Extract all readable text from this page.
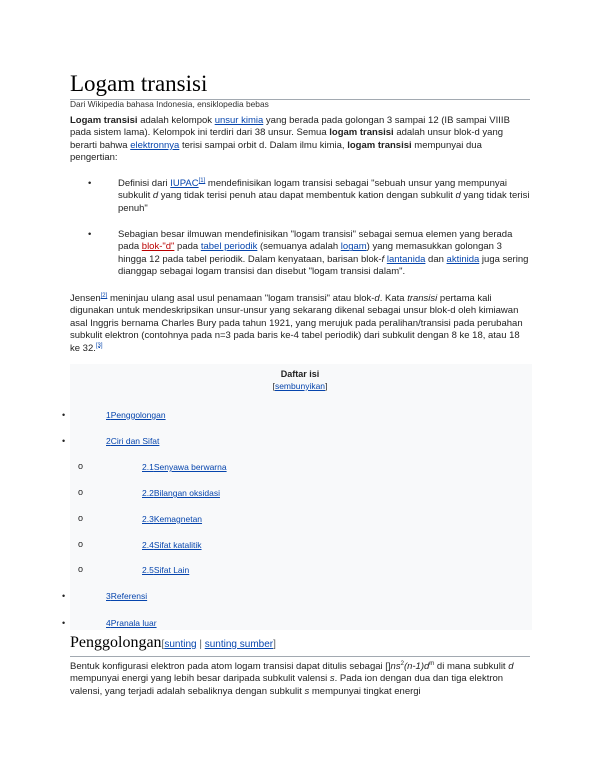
Logam transisi
Dari Wikipedia bahasa Indonesia, ensiklopedia bebas

Logam transisi adalah kelompok unsur kimia yang berada pada golongan 3 sampai 12 (IB sampai VIIIB pada sistem lama). Kelompok ini terdiri dari 38 unsur. Semua logam transisi adalah unsur blok-d yang berarti bahwa elektronnya terisi sampai orbit d. Dalam ilmu kimia, logam transisi mempunyai dua pengertian:

•	Definisi dari IUPAC[1] mendefinisikan logam transisi sebagai "sebuah unsur yang mempunyai subkulit d yang tidak terisi penuh atau dapat membentuk kation dengan subkulit d yang tidak terisi penuh"
•	Sebagian besar ilmuwan mendefinisikan "logam transisi" sebagai semua elemen yang berada pada blok-"d" pada tabel periodik (semuanya adalah logam) yang memasukkan golongan 3 hingga 12 pada tabel periodik. Dalam kenyataan, barisan blok-f lantanida dan aktinida juga sering dianggap sebagai logam transisi dan disebut "logam transisi dalam".

Jensen[2] meninjau ulang asal usul penamaan "logam transisi" atau blok-d. Kata transisi pertama kali digunakan untuk mendeskripsikan unsur-unsur yang sekarang dikenal sebagai unsur blok-d oleh kimiawan asal Inggris bernama Charles Bury pada tahun 1921, yang merujuk pada peralihan/transisi pada perubahan subkulit elektron (contohnya pada n=3 pada baris ke-4 tabel periodik) dari subkulit dengan 8 ke 18, atau 18 ke 32.[3]

Daftar isi
[sembunyikan]
•	1Penggolongan
•	2Ciri dan Sifat
o	2.1Senyawa berwarna
o	2.2Bilangan oksidasi
o	2.3Kemagnetan
o	2.4Sifat katalitik
o	2.5Sifat Lain
•	3Referensi
•	4Pranala luar
Penggolongan[sunting | sunting sumber]

Bentuk konfigurasi elektron pada atom logam transisi dapat ditulis sebagai $[]ns^2(n-1)d^m$ di mana subkulit d mempunyai energi yang lebih besar daripada subkulit valensi s. Pada ion dengan dua dan tiga elektron valensi, yang terjadi adalah sebaliknya dengan subkulit s mempunyai tingkat energi
